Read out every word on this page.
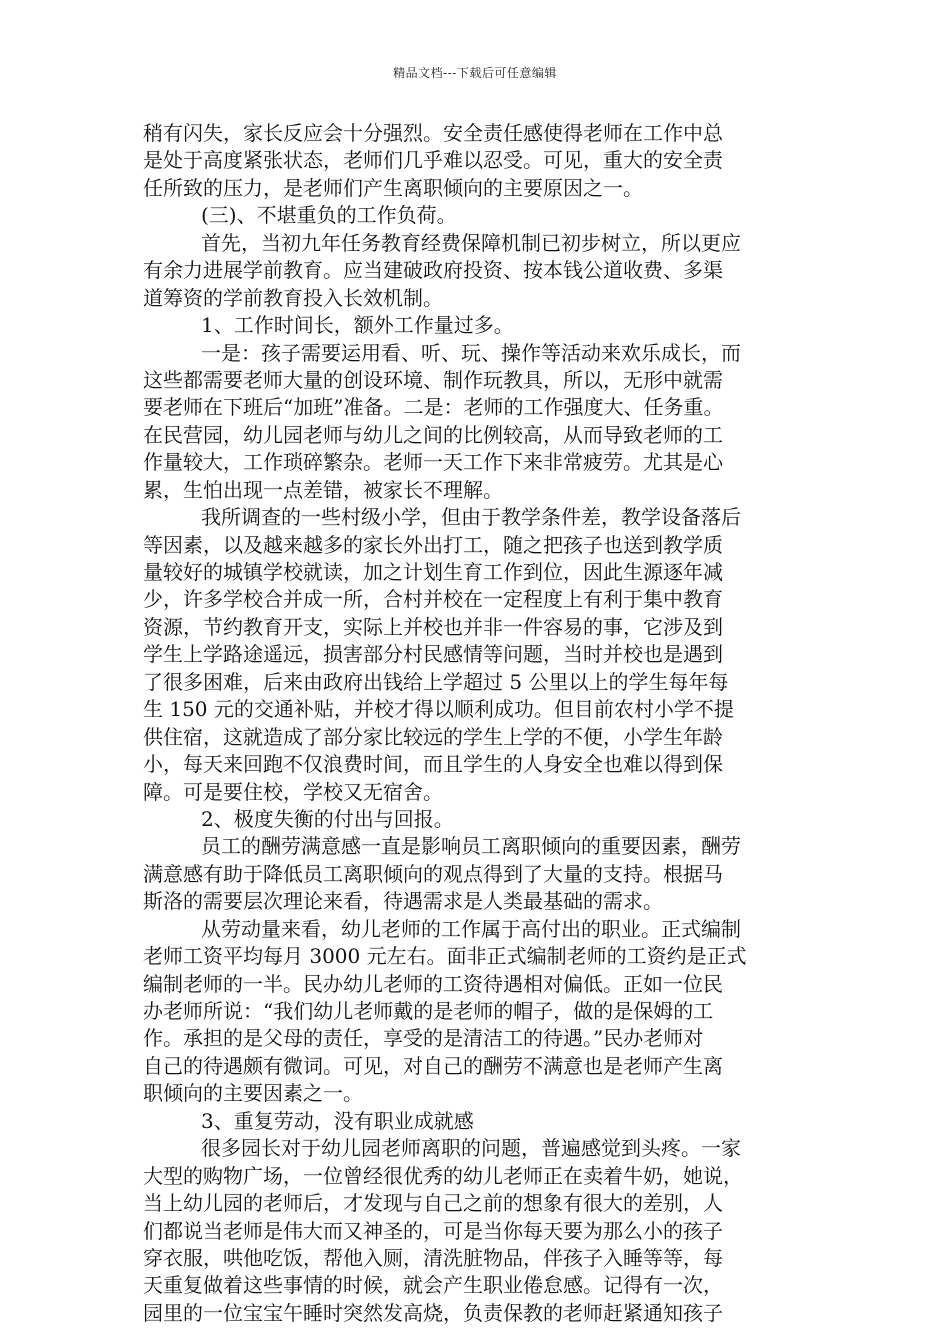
精品文档---下载后可任意编辑
稍有闪失，家长反应会十分强烈。安全责任感使得老师在工作中总
是处于高度紧张状态，老师们几乎难以忍受。可见，重大的安全责
任所致的压力，是老师们产生离职倾向的主要原因之一。
(三)、不堪重负的工作负荷。
首先，当初九年任务教育经费保障机制已初步树立，所以更应
有余力进展学前教育。应当建破政府投资、按本钱公道收费、多渠
道筹资的学前教育投入长效机制。
1、工作时间长，额外工作量过多。
一是：孩子需要运用看、听、玩、操作等活动来欢乐成长，而
这些都需要老师大量的创设环境、制作玩教具，所以，无形中就需
要老师在下班后“加班”准备。二是：老师的工作强度大、任务重。
在民营园，幼儿园老师与幼儿之间的比例较高，从而导致老师的工
作量较大，工作琐碎繁杂。老师一天工作下来非常疲劳。尤其是心
累，生怕出现一点差错，被家长不理解。
我所调查的一些村级小学，但由于教学条件差，教学设备落后
等因素，以及越来越多的家长外出打工，随之把孩子也送到教学质
量较好的城镇学校就读，加之计划生育工作到位，因此生源逐年减
少，许多学校合并成一所，合村并校在一定程度上有利于集中教育
资源，节约教育开支，实际上并校也并非一件容易的事，它涉及到
学生上学路途遥远，损害部分村民感情等问题，当时并校也是遇到
了很多困难，后来由政府出钱给上学超过 5 公里以上的学生每年每
生 150 元的交通补贴，并校才得以顺利成功。但目前农村小学不提
供住宿，这就造成了部分家比较远的学生上学的不便，小学生年龄
小，每天来回跑不仅浪费时间，而且学生的人身安全也难以得到保
障。可是要住校，学校又无宿舍。
2、极度失衡的付出与回报。
员工的酬劳满意感一直是影响员工离职倾向的重要因素，酬劳
满意感有助于降低员工离职倾向的观点得到了大量的支持。根据马
斯洛的需要层次理论来看，待遇需求是人类最基础的需求。
从劳动量来看，幼儿老师的工作属于高付出的职业。正式编制
老师工资平均每月 3000 元左右。面非正式编制老师的工资约是正式
编制老师的一半。民办幼儿老师的工资待遇相对偏低。正如一位民
办老师所说：“我们幼儿老师戴的是老师的帽子，做的是保姆的工
作。承担的是父母的责任，享受的是清洁工的待遇。”民办老师对
自己的待遇颇有微词。可见，对自己的酬劳不满意也是老师产生离
职倾向的主要因素之一。
3、重复劳动，没有职业成就感
很多园长对于幼儿园老师离职的问题，普遍感觉到头疼。一家
大型的购物广场，一位曾经很优秀的幼儿老师正在卖着牛奶，她说，
当上幼儿园的老师后，才发现与自己之前的想象有很大的差别，人
们都说当老师是伟大而又神圣的，可是当你每天要为那么小的孩子
穿衣服，哄他吃饭，帮他入厕，清洗脏物品，伴孩子入睡等等，每
天重复做着这些事情的时候，就会产生职业倦怠感。记得有一次，
园里的一位宝宝午睡时突然发高烧，负责保教的老师赶紧通知孩子
